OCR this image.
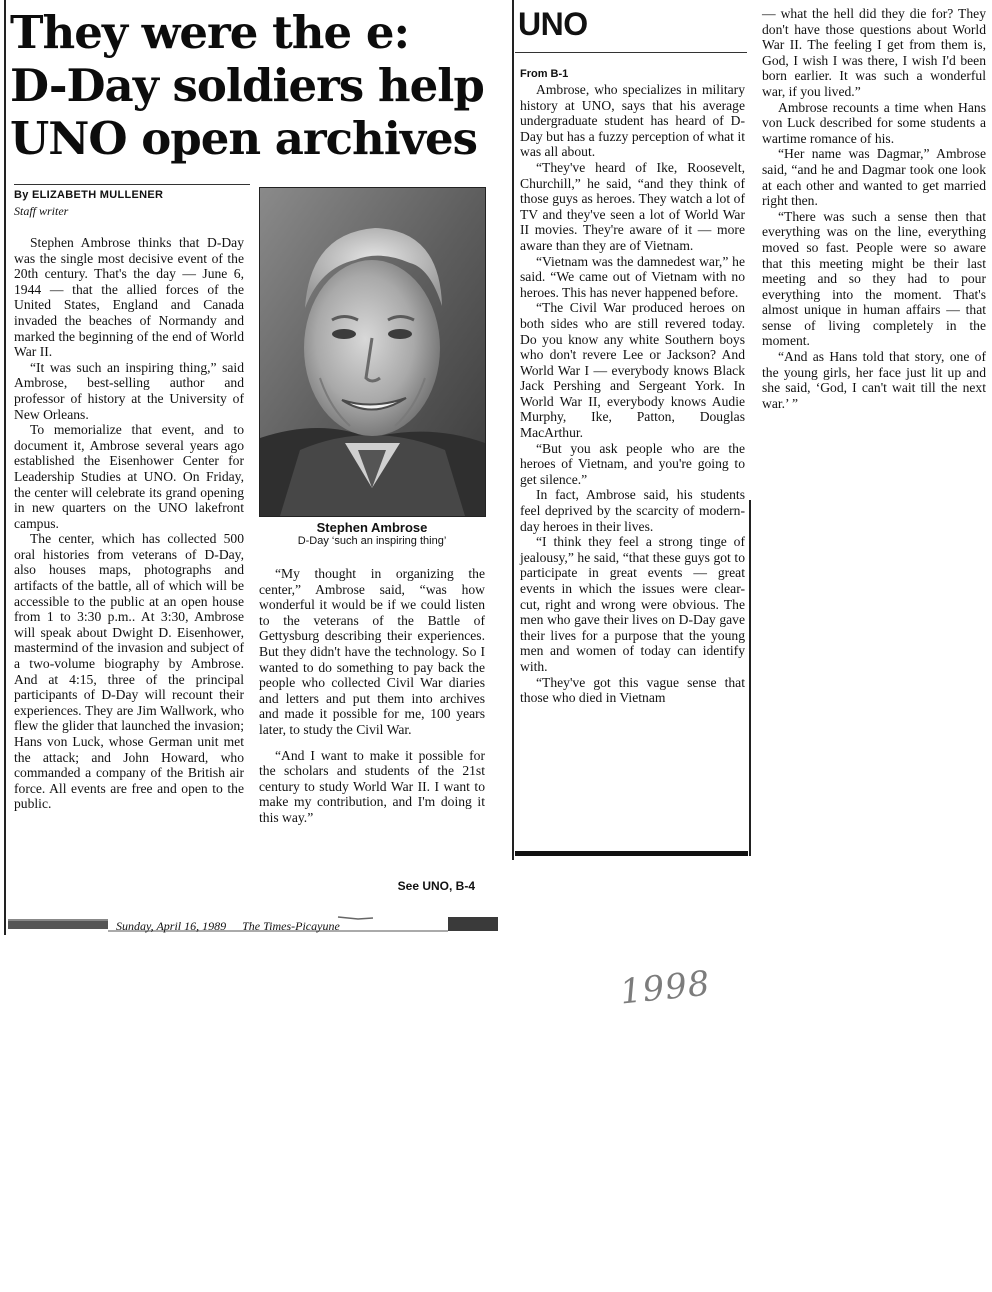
They were the e:
D-Day soldiers help
UNO open archives
By ELIZABETH MULLENER
Staff writer

Stephen Ambrose thinks that D-Day was the single most decisive event of the 20th century. That's the day — June 6, 1944 — that the allied forces of the United States, England and Canada invaded the beaches of Normandy and marked the beginning of the end of World War II.

“It was such an inspiring thing,” said Ambrose, best-selling author and professor of history at the University of New Orleans.

To memorialize that event, and to document it, Ambrose several years ago established the Eisenhower Center for Leadership Studies at UNO. On Friday, the center will celebrate its grand opening in new quarters on the UNO lakefront campus.

The center, which has collected 500 oral histories from veterans of D-Day, also houses maps, photographs and artifacts of the battle, all of which will be accessible to the public at an open house from 1 to 3:30 p.m.. At 3:30, Ambrose will speak about Dwight D. Eisenhower, mastermind of the invasion and subject of a two-volume biography by Ambrose. And at 4:15, three of the principal participants of D-Day will recount their experiences. They are Jim Wallwork, who flew the glider that launched the invasion; Hans von Luck, whose German unit met the attack; and John Howard, who commanded a company of the British air force. All events are free and open to the public.

Stephen Ambrose
D-Day ‘such an inspiring thing’

“My thought in organizing the center,” Ambrose said, “was how wonderful it would be if we could listen to the veterans of the Battle of Gettysburg describing their experiences. But they didn't have the technology. So I wanted to do something to pay back the people who collected Civil War diaries and letters and put them into archives and made it possible for me, 100 years later, to study the Civil War.

“And I want to make it possible for the scholars and students of the 21st century to study World War II. I want to make my contribution, and I'm doing it this way.”

See UNO, B-4
Sunday, April 16, 1989 The Times-Picayune
UNO
From B-1

Ambrose, who specializes in military history at UNO, says that his average undergraduate student has heard of D-Day but has a fuzzy perception of what it was all about.

“They've heard of Ike, Roosevelt, Churchill,” he said, “and they think of those guys as heroes. They watch a lot of TV and they've seen a lot of World War II movies. They're aware of it — more aware than they are of Vietnam.

“Vietnam was the damnedest war,” he said. “We came out of Vietnam with no heroes. This has never happened before.

“The Civil War produced heroes on both sides who are still revered today. Do you know any white Southern boys who don't revere Lee or Jackson? And World War I — everybody knows Black Jack Pershing and Sergeant York. In World War II, everybody knows Audie Murphy, Ike, Patton, Douglas MacArthur.

“But you ask people who are the heroes of Vietnam, and you're going to get silence.”

In fact, Ambrose said, his students feel deprived by the scarcity of modern-day heroes in their lives.

“I think they feel a strong tinge of jealousy,” he said, “that these guys got to participate in great events — great events in which the issues were clear-cut, right and wrong were obvious. The men who gave their lives on D-Day gave their lives for a purpose that the young men and women of today can identify with.

“They've got this vague sense that those who died in Vietnam

— what the hell did they die for? They don't have those questions about World War II. The feeling I get from them is, God, I wish I was there, I wish I'd been born earlier. It was such a wonderful war, if you lived.”

Ambrose recounts a time when Hans von Luck described for some students a wartime romance of his.

“Her name was Dagmar,” Ambrose said, “and he and Dagmar took one look at each other and wanted to get married right then.

“There was such a sense then that everything was on the line, everything moved so fast. People were so aware that this meeting might be their last meeting and so they had to pour everything into the moment. That's almost unique in human affairs — that sense of living completely in the moment.

“And as Hans told that story, one of the young girls, her face just lit up and she said, ‘God, I can't wait till the next war.’ ”

1998
